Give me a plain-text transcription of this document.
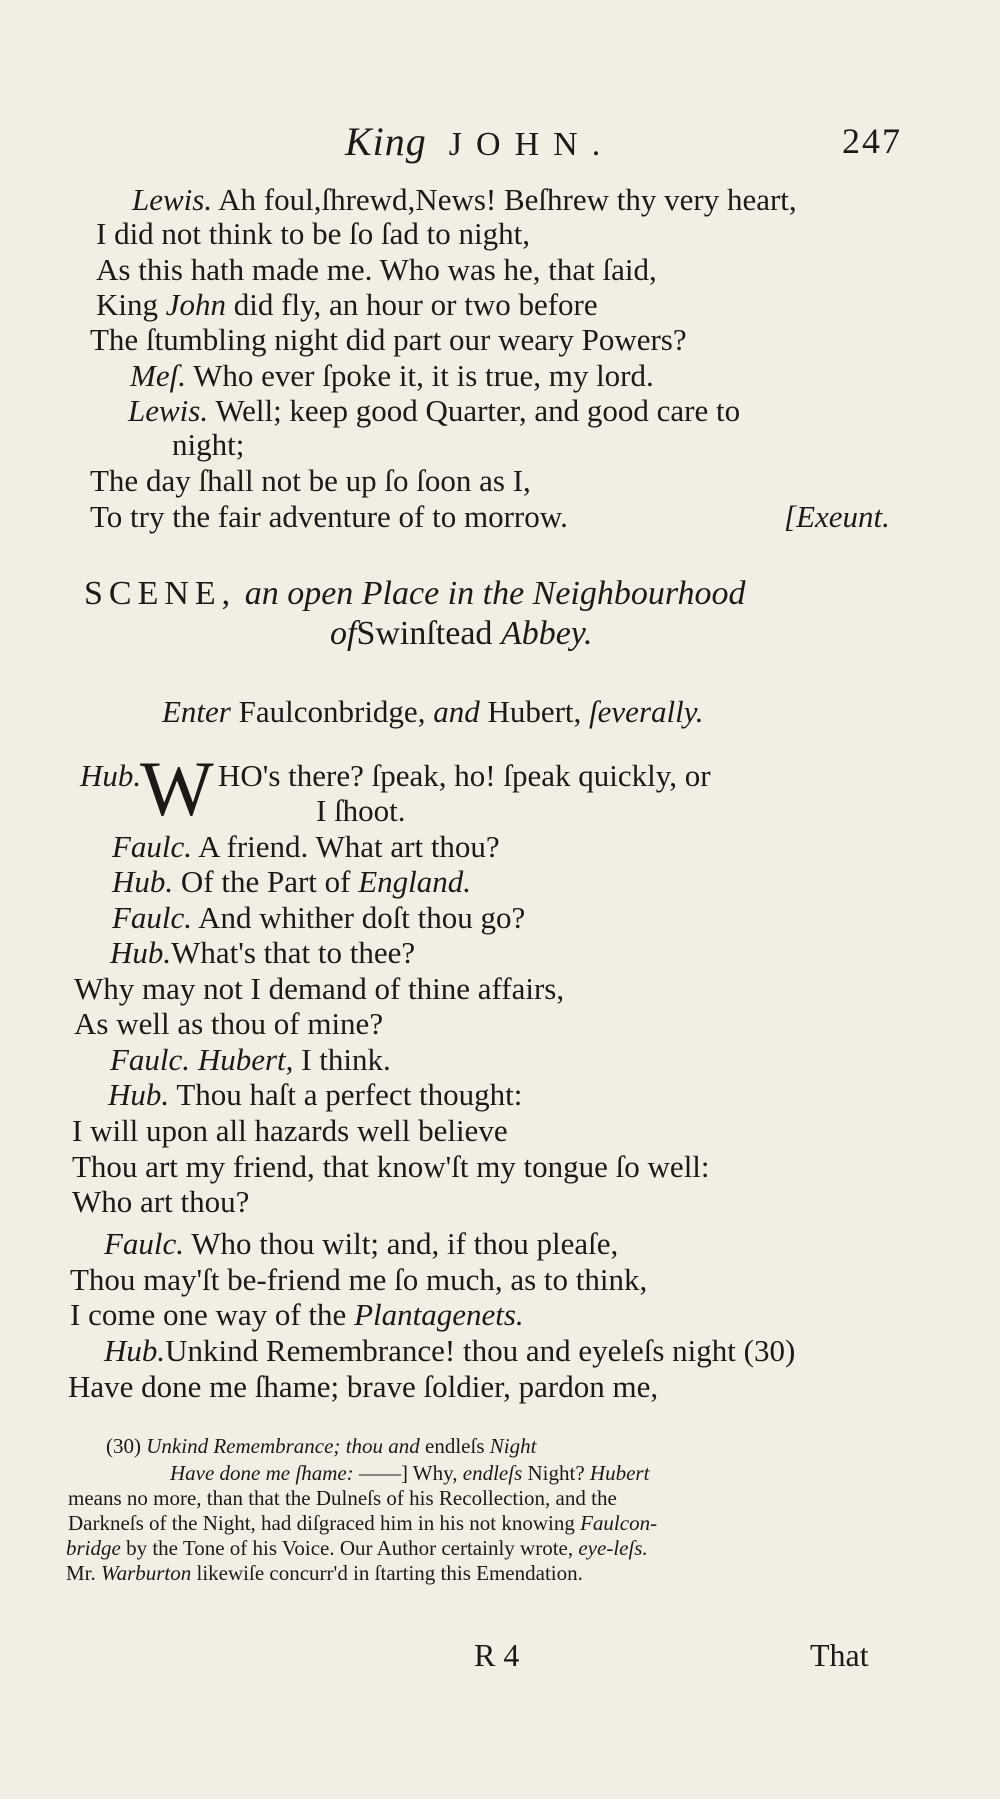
King JOHN.	247
Lewis. Ah foul,ſhrewd,News! Beſhrew thy very heart,
I did not think to be ſo ſad to night,
As this hath made me. Who was he, that ſaid,
King John did fly, an hour or two before
The ſtumbling night did part our weary Powers?
Meſ. Who ever ſpoke it, it is true, my lord.
Lewis. Well; keep good Quarter, and good care to
night;
The day ſhall not be up ſo ſoon as I,
To try the fair adventure of to morrow.	[Exeunt.
SCENE, an open Place in the Neighbourhood
ofSwinſtead Abbey.
Enter Faulconbridge, and Hubert, ſeverally.
Hub.
W HO's there? ſpeak, ho! ſpeak quickly, or
I ſhoot.
Faulc. A friend. What art thou?
Hub. Of the Part of England.
Faulc. And whither doſt thou go?
Hub.What's that to thee?
Why may not I demand of thine affairs,
As well as thou of mine?
Faulc. Hubert, I think.
Hub. Thou haſt a perfect thought:
I will upon all hazards well believe
Thou art my friend, that know'ſt my tongue ſo well:
Who art thou?
Faulc. Who thou wilt; and, if thou pleaſe,
Thou may'ſt be-friend me ſo much, as to think,
I come one way of the Plantagenets.
Hub.Unkind Remembrance! thou and eyeleſs night (30)
Have done me ſhame; brave ſoldier, pardon me,
(30) Unkind Remembrance; thou and endleſs Night
Have done me ſhame: ——] Why, endleſs Night? Hubert
means no more, than that the Dulneſs of his Recollection, and the
Darkneſs of the Night, had diſgraced him in his not knowing Faulcon-
bridge by the Tone of his Voice. Our Author certainly wrote, eye-leſs.
Mr. Warburton likewiſe concurr'd in ſtarting this Emendation.
R 4	That
